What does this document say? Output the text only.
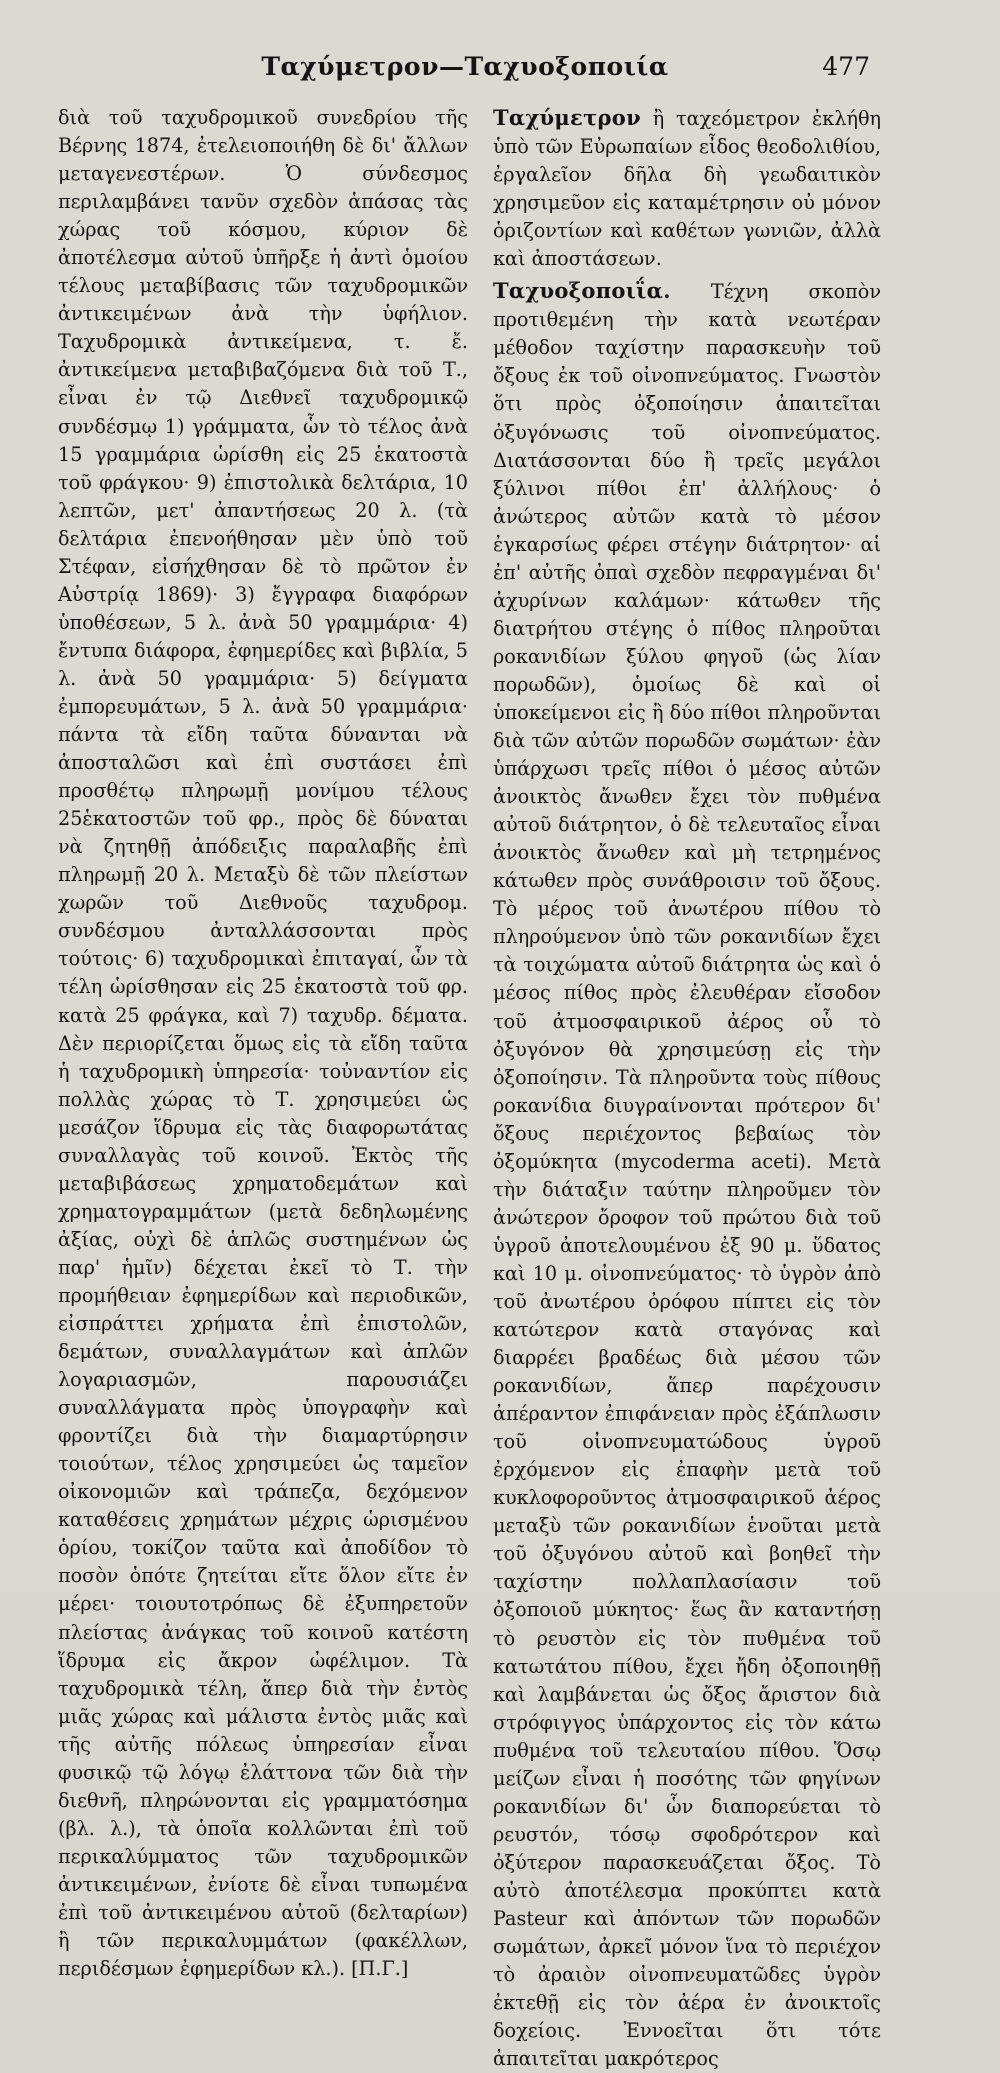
Ταχύμετρον—Ταχυοξοποιία	477

διὰ τοῦ ταχυδρομικοῦ συνεδρίου τῆς Βέρνης 1874, ἐτελειοποιήθη δὲ δι' ἄλλων μεταγενεστέρων. Ὁ σύνδεσμος περιλαμβάνει τανῦν σχεδὸν ἁπάσας τὰς χώρας τοῦ κόσμου, κύριον δὲ ἀποτέλεσμα αὐτοῦ ὑπῆρξε ἡ ἀντὶ ὁμοίου τέλους μεταβίβασις τῶν ταχυδρομικῶν ἀντικειμένων ἀνὰ τὴν ὑφήλιον. Ταχυδρομικὰ ἀντικείμενα, τ. ἔ. ἀντικείμενα μεταβιβαζόμενα διὰ τοῦ Τ., εἶναι ἐν τῷ Διεθνεῖ ταχυδρομικῷ συνδέσμῳ 1) γράμματα, ὧν τὸ τέλος ἀνὰ 15 γραμμάρια ὡρίσθη εἰς 25 ἑκατοστὰ τοῦ φράγκου· 9) ἐπιστολικὰ δελτάρια, 10 λεπτῶν, μετ' ἀπαντήσεως 20 λ. (τὰ δελτάρια ἐπενοήθησαν μὲν ὑπὸ τοῦ Στέφαν, εἰσήχθησαν δὲ τὸ πρῶτον ἐν Αὐστρίᾳ 1869)· 3) ἔγγραφα διαφόρων ὑποθέσεων, 5 λ. ἀνὰ 50 γραμμάρια· 4) ἔντυπα διάφορα, ἐφημερίδες καὶ βιβλία, 5 λ. ἀνὰ 50 γραμμάρια· 5) δείγματα ἐμπορευμάτων, 5 λ. ἀνὰ 50 γραμμάρια· πάντα τὰ εἴδη ταῦτα δύνανται νὰ ἀποσταλῶσι καὶ ἐπὶ συστάσει ἐπὶ προσθέτῳ πληρωμῇ μονίμου τέλους 25ἑκατοστῶν τοῦ φρ., πρὸς δὲ δύναται νὰ ζητηθῇ ἀπόδειξις παραλαβῆς ἐπὶ πληρωμῇ 20 λ. Μεταξὺ δὲ τῶν πλείστων χωρῶν τοῦ Διεθνοῦς ταχυδρομ. συνδέσμου ἀνταλλάσσονται πρὸς τούτοις· 6) ταχυδρομικαὶ ἐπιταγαί, ὧν τὰ τέλη ὡρίσθησαν εἰς 25 ἑκατοστὰ τοῦ φρ. κατὰ 25 φράγκα, καὶ 7) ταχυδρ. δέματα. Δὲν περιορίζεται ὅμως εἰς τὰ εἴδη ταῦτα ἡ ταχυδρομικὴ ὑπηρεσία· τοὐναντίον εἰς πολλὰς χώρας τὸ Τ. χρησιμεύει ὡς μεσάζον ἵδρυμα εἰς τὰς διαφορωτάτας συναλλαγὰς τοῦ κοινοῦ. Ἐκτὸς τῆς μεταβιβάσεως χρηματοδεμάτων καὶ χρηματογραμμάτων (μετὰ δεδηλωμένης ἀξίας, οὐχὶ δὲ ἁπλῶς συστημένων ὡς παρ' ἡμῖν) δέχεται ἐκεῖ τὸ Τ. τὴν προμήθειαν ἐφημερίδων καὶ περιοδικῶν, εἰσπράττει χρήματα ἐπὶ ἐπιστολῶν, δεμάτων, συναλλαγμάτων καὶ ἁπλῶν λογαριασμῶν, παρουσιάζει συναλλάγματα πρὸς ὑπογραφὴν καὶ φροντίζει διὰ τὴν διαμαρτύρησιν τοιούτων, τέλος χρησιμεύει ὡς ταμεῖον οἰκονομιῶν καὶ τράπεζα, δεχόμενον καταθέσεις χρημάτων μέχρις ὡρισμένου ὁρίου, τοκίζον ταῦτα καὶ ἀποδίδον τὸ ποσὸν ὁπότε ζητείται εἴτε ὅλον εἴτε ἐν μέρει· τοιουτοτρόπως δὲ ἐξυπηρετοῦν πλείστας ἀνάγκας τοῦ κοινοῦ κατέστη ἵδρυμα εἰς ἄκρον ὠφέλιμον. Τὰ ταχυδρομικὰ τέλη, ἅπερ διὰ τὴν ἐντὸς μιᾶς χώρας καὶ μάλιστα ἐντὸς μιᾶς καὶ τῆς αὐτῆς πόλεως ὑπηρεσίαν εἶναι φυσικῷ τῷ λόγῳ ἐλάττονα τῶν διὰ τὴν διεθνῆ, πληρώνονται εἰς γραμματόσημα (βλ. λ.), τὰ ὁποῖα κολλῶνται ἐπὶ τοῦ περικαλύμματος τῶν ταχυδρομικῶν ἀντικειμένων, ἐνίοτε δὲ εἶναι τυπωμένα ἐπὶ τοῦ ἀντικειμένου αὐτοῦ (δελταρίων) ἢ τῶν περικαλυμμάτων (φακέλλων, περιδέσμων ἐφημερίδων κλ.). [Π.Γ.]

Ταχύμετρον ἢ ταχεόμετρον ἐκλήθη ὑπὸ τῶν Εὐρωπαίων εἶδος θεοδολιθίου, ἐργαλεῖον δῆλα δὴ γεωδαιτικὸν χρησιμεῦον εἰς καταμέτρησιν οὐ μόνον ὁριζοντίων καὶ καθέτων γωνιῶν, ἀλλὰ καὶ ἀποστάσεων.

Ταχυοξοποιΐα. Τέχνη σκοπὸν προτιθεμένη τὴν κατὰ νεωτέραν μέθοδον ταχίστην παρασκευὴν τοῦ ὄξους ἐκ τοῦ οἰνοπνεύματος. Γνωστὸν ὅτι πρὸς ὀξοποίησιν ἀπαιτεῖται ὀξυγόνωσις τοῦ οἰνοπνεύματος. Διατάσσονται δύο ἢ τρεῖς μεγάλοι ξύλινοι πίθοι ἐπ' ἀλλήλους· ὁ ἀνώτερος αὐτῶν κατὰ τὸ μέσον ἐγκαρσίως φέρει στέγην διάτρητον· αἱ ἐπ' αὐτῆς ὀπαὶ σχεδὸν πεφραγμέναι δι' ἀχυρίνων καλάμων· κάτωθεν τῆς διατρήτου στέγης ὁ πίθος πληροῦται ροκανιδίων ξύλου φηγοῦ (ὡς λίαν πορωδῶν), ὁμοίως δὲ καὶ οἱ ὑποκείμενοι εἰς ἢ δύο πίθοι πληροῦνται διὰ τῶν αὐτῶν πορωδῶν σωμάτων· ἐὰν ὑπάρχωσι τρεῖς πίθοι ὁ μέσος αὐτῶν ἀνοικτὸς ἄνωθεν ἔχει τὸν πυθμένα αὐτοῦ διάτρητον, ὁ δὲ τελευταῖος εἶναι ἀνοικτὸς ἄνωθεν καὶ μὴ τετρημένος κάτωθεν πρὸς συνάθροισιν τοῦ ὄξους. Τὸ μέρος τοῦ ἀνωτέρου πίθου τὸ πληρούμενον ὑπὸ τῶν ροκανιδίων ἔχει τὰ τοιχώματα αὐτοῦ διάτρητα ὡς καὶ ὁ μέσος πίθος πρὸς ἐλευθέραν εἴσοδον τοῦ ἀτμοσφαιρικοῦ ἀέρος οὗ τὸ ὀξυγόνον θὰ χρησιμεύσῃ εἰς τὴν ὀξοποίησιν. Τὰ πληροῦντα τοὺς πίθους ροκανίδια διυγραίνονται πρότερον δι' ὄξους περιέχοντος βεβαίως τὸν ὀξομύκητα (mycoderma aceti). Μετὰ τὴν διάταξιν ταύτην πληροῦμεν τὸν ἀνώτερον ὄροφον τοῦ πρώτου διὰ τοῦ ὑγροῦ ἀποτελουμένου ἐξ 90 μ. ὕδατος καὶ 10 μ. οἰνοπνεύματος· τὸ ὑγρὸν ἀπὸ τοῦ ἀνωτέρου ὀρόφου πίπτει εἰς τὸν κατώτερον κατὰ σταγόνας καὶ διαρρέει βραδέως διὰ μέσου τῶν ροκανιδίων, ἅπερ παρέχουσιν ἀπέραντον ἐπιφάνειαν πρὸς ἐξάπλωσιν τοῦ οἰνοπνευματώδους ὑγροῦ ἐρχόμενον εἰς ἐπαφὴν μετὰ τοῦ κυκλοφοροῦντος ἀτμοσφαιρικοῦ ἀέρος μεταξὺ τῶν ροκανιδίων ἑνοῦται μετὰ τοῦ ὀξυγόνου αὐτοῦ καὶ βοηθεῖ τὴν ταχίστην πολλαπλασίασιν τοῦ ὀξοποιοῦ μύκητος· ἕως ἂν καταντήσῃ τὸ ρευστὸν εἰς τὸν πυθμένα τοῦ κατωτάτου πίθου, ἔχει ἤδη ὀξοποιηθῇ καὶ λαμβάνεται ὡς ὄξος ἄριστον διὰ στρόφιγγος ὑπάρχοντος εἰς τὸν κάτω πυθμένα τοῦ τελευταίου πίθου. Ὅσῳ μείζων εἶναι ἡ ποσότης τῶν φηγίνων ροκανιδίων δι' ὧν διαπορεύεται τὸ ρευστόν, τόσῳ σφοδρότερον καὶ ὀξύτερον παρασκευάζεται ὄξος. Τὸ αὐτὸ ἀποτέλεσμα προκύπτει κατὰ Pasteur καὶ ἀπόντων τῶν πορωδῶν σωμάτων, ἀρκεῖ μόνον ἵνα τὸ περιέχον τὸ ἀραιὸν οἰνοπνευματῶδες ὑγρὸν ἐκτεθῇ εἰς τὸν ἀέρα ἐν ἀνοικτοῖς δοχείοις. Ἐννοεῖται ὅτι τότε ἀπαιτεῖται μακρότερος
